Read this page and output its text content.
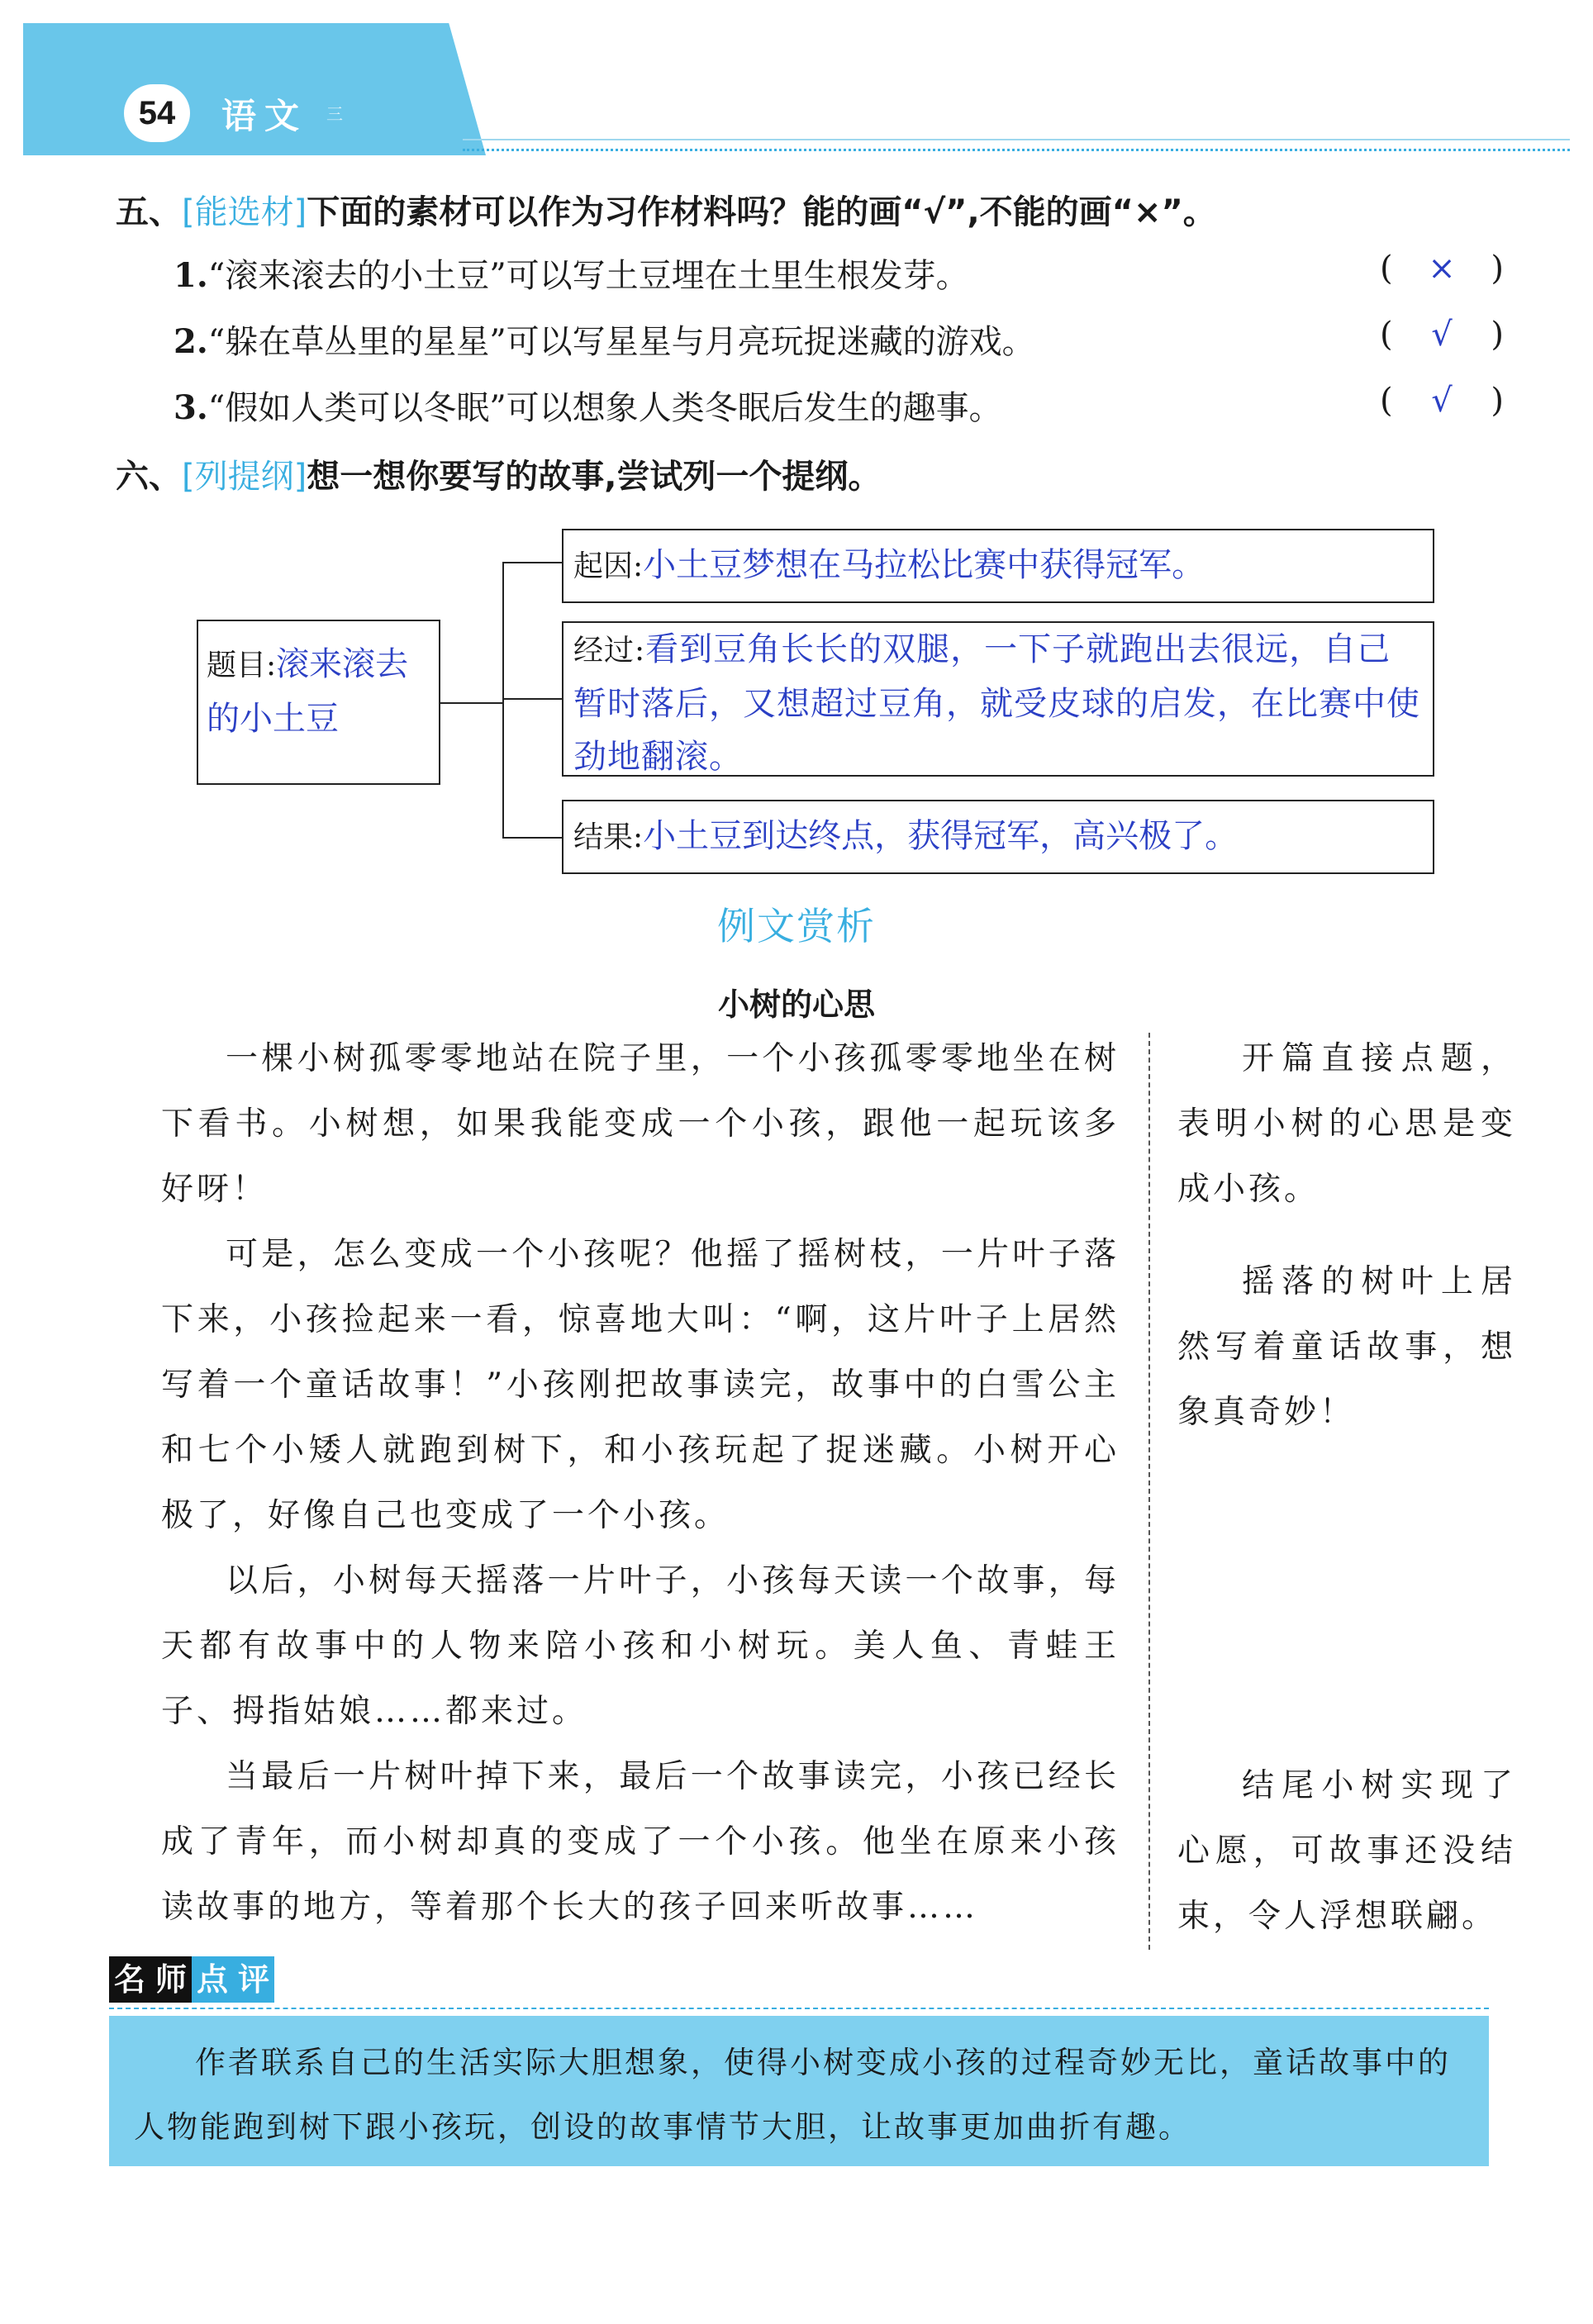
54	语文 三
五、[能选材]下面的素材可以作为习作材料吗？能的画“√”,不能的画“×”。
1.“滚来滚去的小土豆”可以写土豆埋在土里生根发芽。	( × )
2.“躲在草丛里的星星”可以写星星与月亮玩捉迷藏的游戏。	( √ )
3.“假如人类可以冬眠”可以想象人类冬眠后发生的趣事。	( √ )
六、[列提纲]想一想你要写的故事,尝试列一个提纲。
题目:滚来滚去的小土豆
起因:小土豆梦想在马拉松比赛中获得冠军。
经过:看到豆角长长的双腿，一下子就跑出去很远，自己暂时落后，又想超过豆角，就受皮球的启发，在比赛中使劲地翻滚。
结果:小土豆到达终点，获得冠军，高兴极了。
例文赏析
小树的心思

一棵小树孤零零地站在院子里，一个小孩孤零零地坐在树下看书。小树想，如果我能变成一个小孩，跟他一起玩该多好呀！

可是，怎么变成一个小孩呢？他摇了摇树枝，一片叶子落下来，小孩捡起来一看，惊喜地大叫：“啊，这片叶子上居然写着一个童话故事！”小孩刚把故事读完，故事中的白雪公主和七个小矮人就跑到树下，和小孩玩起了捉迷藏。小树开心极了，好像自己也变成了一个小孩。

以后，小树每天摇落一片叶子，小孩每天读一个故事，每天都有故事中的人物来陪小孩和小树玩。美人鱼、青蛙王子、拇指姑娘……都来过。

当最后一片树叶掉下来，最后一个故事读完，小孩已经长成了青年，而小树却真的变成了一个小孩。他坐在原来小孩读故事的地方，等着那个长大的孩子回来听故事……

开篇直接点题，表明小树的心思是变成小孩。

摇落的树叶上居然写着童话故事，想象真奇妙！

结尾小树实现了心愿，可故事还没结束，令人浮想联翩。

名 师 点 评

作者联系自己的生活实际大胆想象，使得小树变成小孩的过程奇妙无比，童话故事中的人物能跑到树下跟小孩玩，创设的故事情节大胆，让故事更加曲折有趣。
